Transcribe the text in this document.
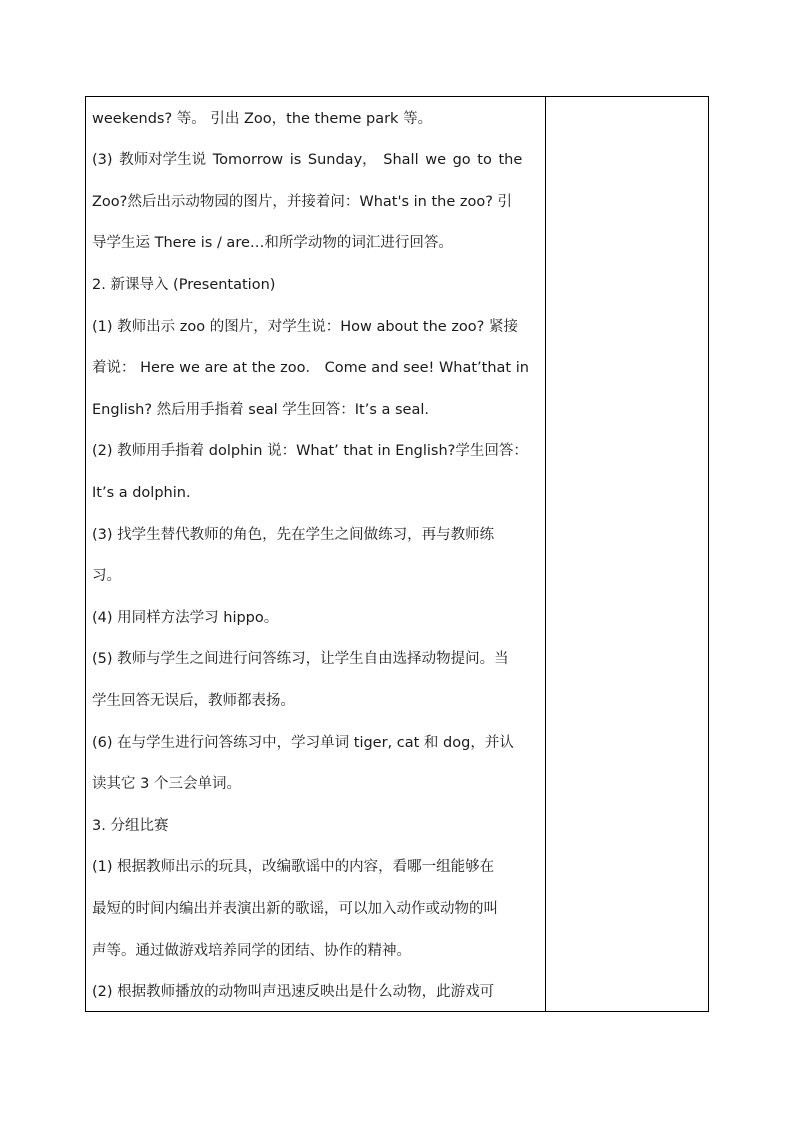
weekends? 等。 引出 Zoo，the theme park 等。
(3) 教师对学生说 Tomorrow is Sunday， Shall we go to the
Zoo?然后出示动物园的图片，并接着问：What's in the zoo? 引
导学生运 There is / are…和所学动物的词汇进行回答。
2. 新课导入 (Presentation)
(1) 教师出示 zoo 的图片，对学生说：How about the zoo? 紧接
着说： Here we are at the zoo． Come and see! What’that in
English? 然后用手指着 seal 学生回答：It’s a seal.
(2) 教师用手指着 dolphin 说：What’ that in English?学生回答：
It’s a dolphin.
(3) 找学生替代教师的角色，先在学生之间做练习，再与教师练
习。
(4) 用同样方法学习 hippo。
(5) 教师与学生之间进行问答练习，让学生自由选择动物提问。当
学生回答无误后，教师都表扬。
(6) 在与学生进行问答练习中，学习单词 tiger, cat 和 dog，并认
读其它 3 个三会单词。
3. 分组比赛
(1) 根据教师出示的玩具，改编歌谣中的内容，看哪一组能够在
最短的时间内编出并表演出新的歌谣，可以加入动作或动物的叫
声等。通过做游戏培养同学的团结、协作的精神。
(2) 根据教师播放的动物叫声迅速反映出是什么动物，此游戏可
